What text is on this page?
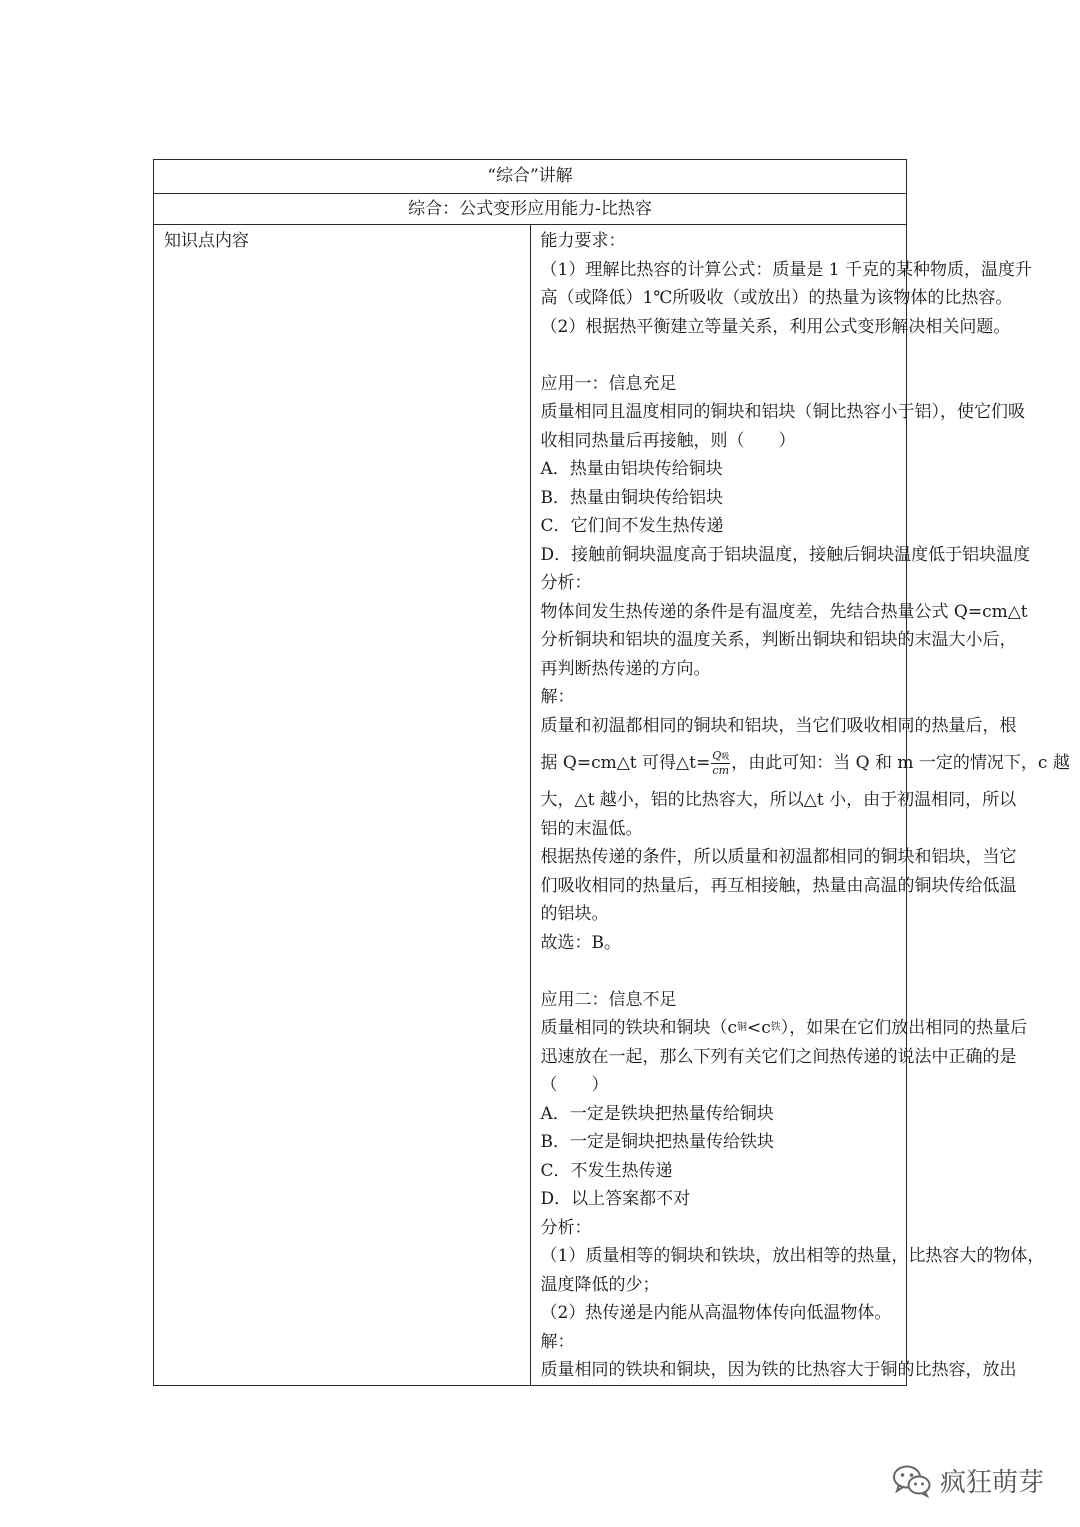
“综合”讲解
综合：公式变形应用能力-比热容
知识点内容	能力要求：
（1）理解比热容的计算公式：质量是 1 千克的某种物质，温度升
高（或降低）1℃所吸收（或放出）的热量为该物体的比热容。
（2）根据热平衡建立等量关系，利用公式变形解决相关问题。
应用一：信息充足
质量相同且温度相同的铜块和铝块（铜比热容小于铝），使它们吸
收相同热量后再接触，则（　　）
A．热量由铝块传给铜块
B．热量由铜块传给铝块
C．它们间不发生热传递
D．接触前铜块温度高于铝块温度，接触后铜块温度低于铝块温度
分析：
物体间发生热传递的条件是有温度差，先结合热量公式 Q=cm△t
分析铜块和铝块的温度关系，判断出铜块和铝块的末温大小后，
再判断热传递的方向。
解：
质量和初温都相同的铜块和铝块，当它们吸收相同的热量后，根
据 Q=cm△t 可得△t= $\frac{\text{Q吸}}{cm}$ ，由此可知：当 Q 和 m 一定的情况下，c 越
大，△t 越小，铝的比热容大，所以△t 小，由于初温相同，所以
铝的末温低。
根据热传递的条件，所以质量和初温都相同的铜块和铝块，当它
们吸收相同的热量后，再互相接触，热量由高温的铜块传给低温
的铝块。
故选：B。
应用二：信息不足
质量相同的铁块和铜块（c 铜 <c 铁 ），如果在它们放出相同的热量后
迅速放在一起，那么下列有关它们之间热传递的说法中正确的是
（　　）
A．一定是铁块把热量传给铜块
B．一定是铜块把热量传给铁块
C．不发生热传递
D．以上答案都不对
分析：
（1）质量相等的铜块和铁块，放出相等的热量，比热容大的物体，
温度降低的少；
（2）热传递是内能从高温物体传向低温物体。
解：
质量相同的铁块和铜块，因为铁的比热容大于铜的比热容，放出
疯狂萌芽
